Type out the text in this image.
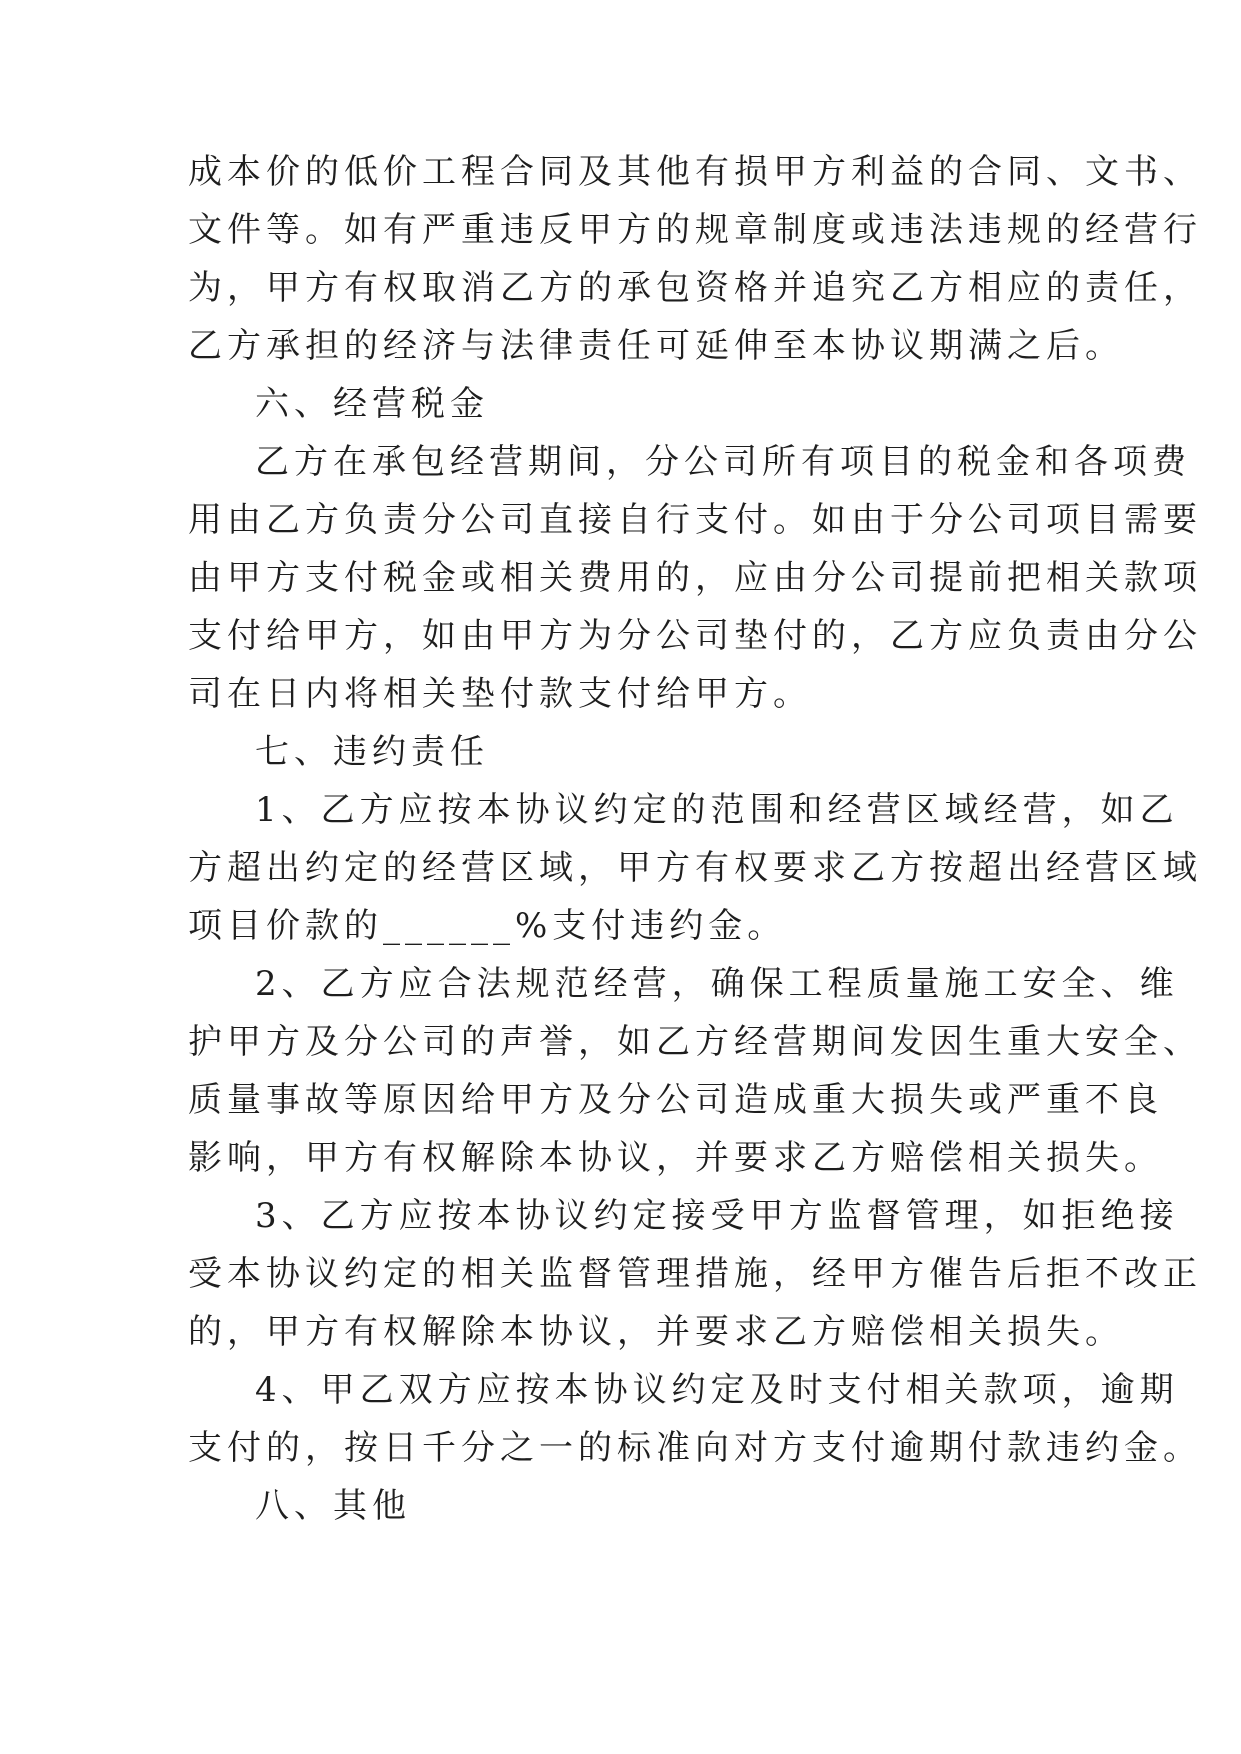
成本价的低价工程合同及其他有损甲方利益的合同、文书、
文件等。如有严重违反甲方的规章制度或违法违规的经营行
为，甲方有权取消乙方的承包资格并追究乙方相应的责任，
乙方承担的经济与法律责任可延伸至本协议期满之后。
六、经营税金
乙方在承包经营期间，分公司所有项目的税金和各项费
用由乙方负责分公司直接自行支付。如由于分公司项目需要
由甲方支付税金或相关费用的，应由分公司提前把相关款项
支付给甲方，如由甲方为分公司垫付的，乙方应负责由分公
司在日内将相关垫付款支付给甲方。
七、违约责任
1、乙方应按本协议约定的范围和经营区域经营，如乙
方超出约定的经营区域，甲方有权要求乙方按超出经营区域
项目价款的______%支付违约金。
2、乙方应合法规范经营，确保工程质量施工安全、维
护甲方及分公司的声誉，如乙方经营期间发因生重大安全、
质量事故等原因给甲方及分公司造成重大损失或严重不良
影响，甲方有权解除本协议，并要求乙方赔偿相关损失。
3、乙方应按本协议约定接受甲方监督管理，如拒绝接
受本协议约定的相关监督管理措施，经甲方催告后拒不改正
的，甲方有权解除本协议，并要求乙方赔偿相关损失。
4、甲乙双方应按本协议约定及时支付相关款项，逾期
支付的，按日千分之一的标准向对方支付逾期付款违约金。
八、其他
